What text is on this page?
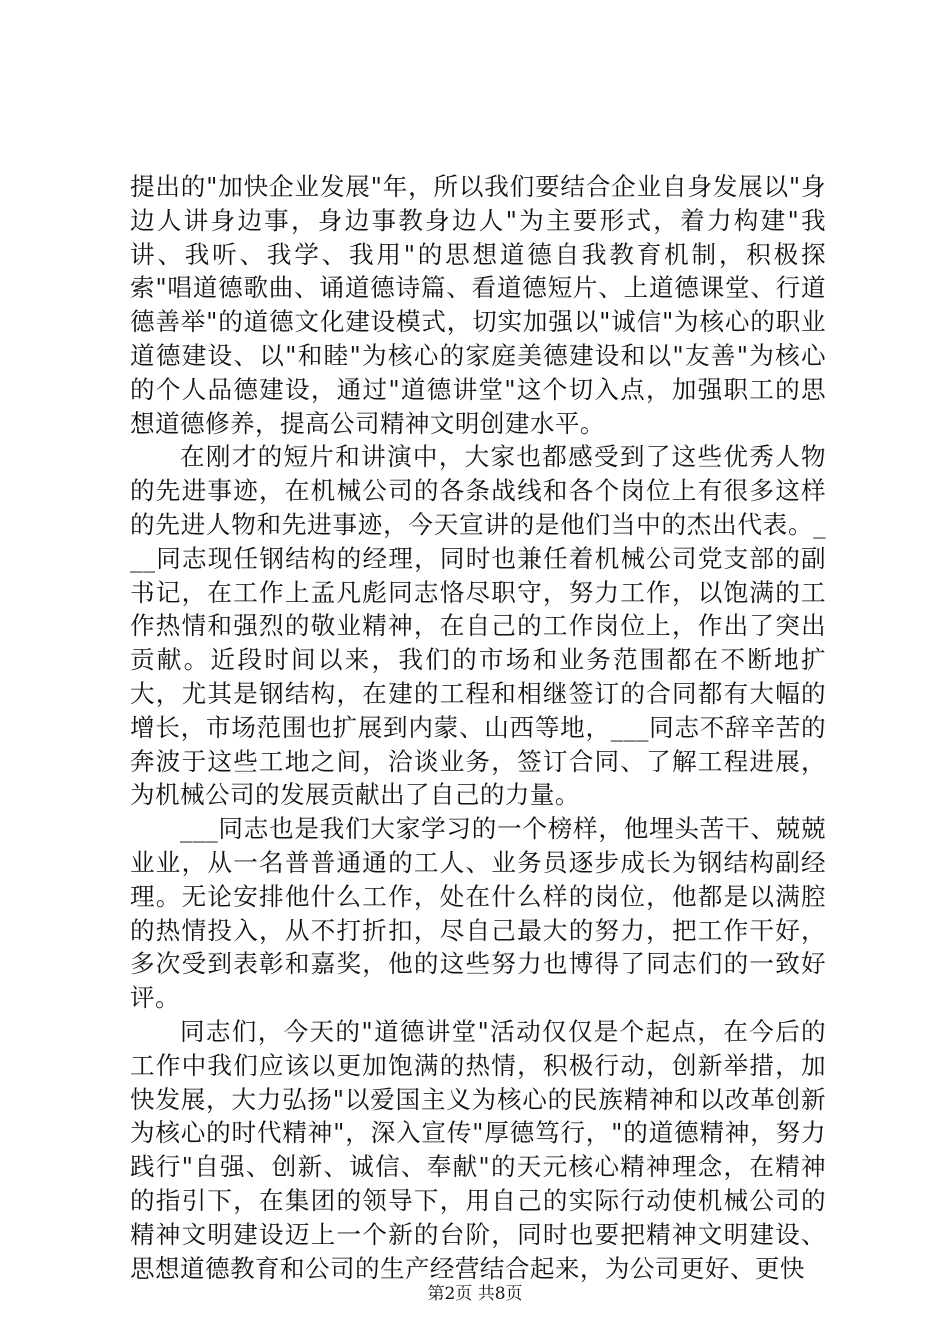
提出的"加快企业发展"年，所以我们要结合企业自身发展以"身边人讲身边事，身边事教身边人"为主要形式，着力构建"我讲、我听、我学、我用"的思想道德自我教育机制，积极探索"唱道德歌曲、诵道德诗篇、看道德短片、上道德课堂、行道德善举"的道德文化建设模式，切实加强以"诚信"为核心的职业道德建设、以"和睦"为核心的家庭美德建设和以"友善"为核心的个人品德建设，通过"道德讲堂"这个切入点，加强职工的思想道德修养，提高公司精神文明创建水平。

在刚才的短片和讲演中，大家也都感受到了这些优秀人物的先进事迹，在机械公司的各条战线和各个岗位上有很多这样的先进人物和先进事迹，今天宣讲的是他们当中的杰出代表。___同志现任钢结构的经理，同时也兼任着机械公司党支部的副书记，在工作上孟凡彪同志恪尽职守，努力工作，以饱满的工作热情和强烈的敬业精神，在自己的工作岗位上，作出了突出贡献。近段时间以来，我们的市场和业务范围都在不断地扩大，尤其是钢结构，在建的工程和相继签订的合同都有大幅的增长，市场范围也扩展到内蒙、山西等地，___同志不辞辛苦的奔波于这些工地之间，洽谈业务，签订合同、了解工程进展，为机械公司的发展贡献出了自己的力量。

___同志也是我们大家学习的一个榜样，他埋头苦干、兢兢业业，从一名普普通通的工人、业务员逐步成长为钢结构副经理。无论安排他什么工作，处在什么样的岗位，他都是以满腔的热情投入，从不打折扣，尽自己最大的努力，把工作干好，多次受到表彰和嘉奖，他的这些努力也博得了同志们的一致好评。

同志们，今天的"道德讲堂"活动仅仅是个起点，在今后的工作中我们应该以更加饱满的热情，积极行动，创新举措，加快发展，大力弘扬"以爱国主义为核心的民族精神和以改革创新为核心的时代精神"，深入宣传"厚德笃行，"的道德精神，努力践行"自强、创新、诚信、奉献"的天元核心精神理念，在精神的指引下，在集团的领导下，用自己的实际行动使机械公司的精神文明建设迈上一个新的台阶，同时也要把精神文明建设、思想道德教育和公司的生产经营结合起来，为公司更好、更快

第2页 共8页
